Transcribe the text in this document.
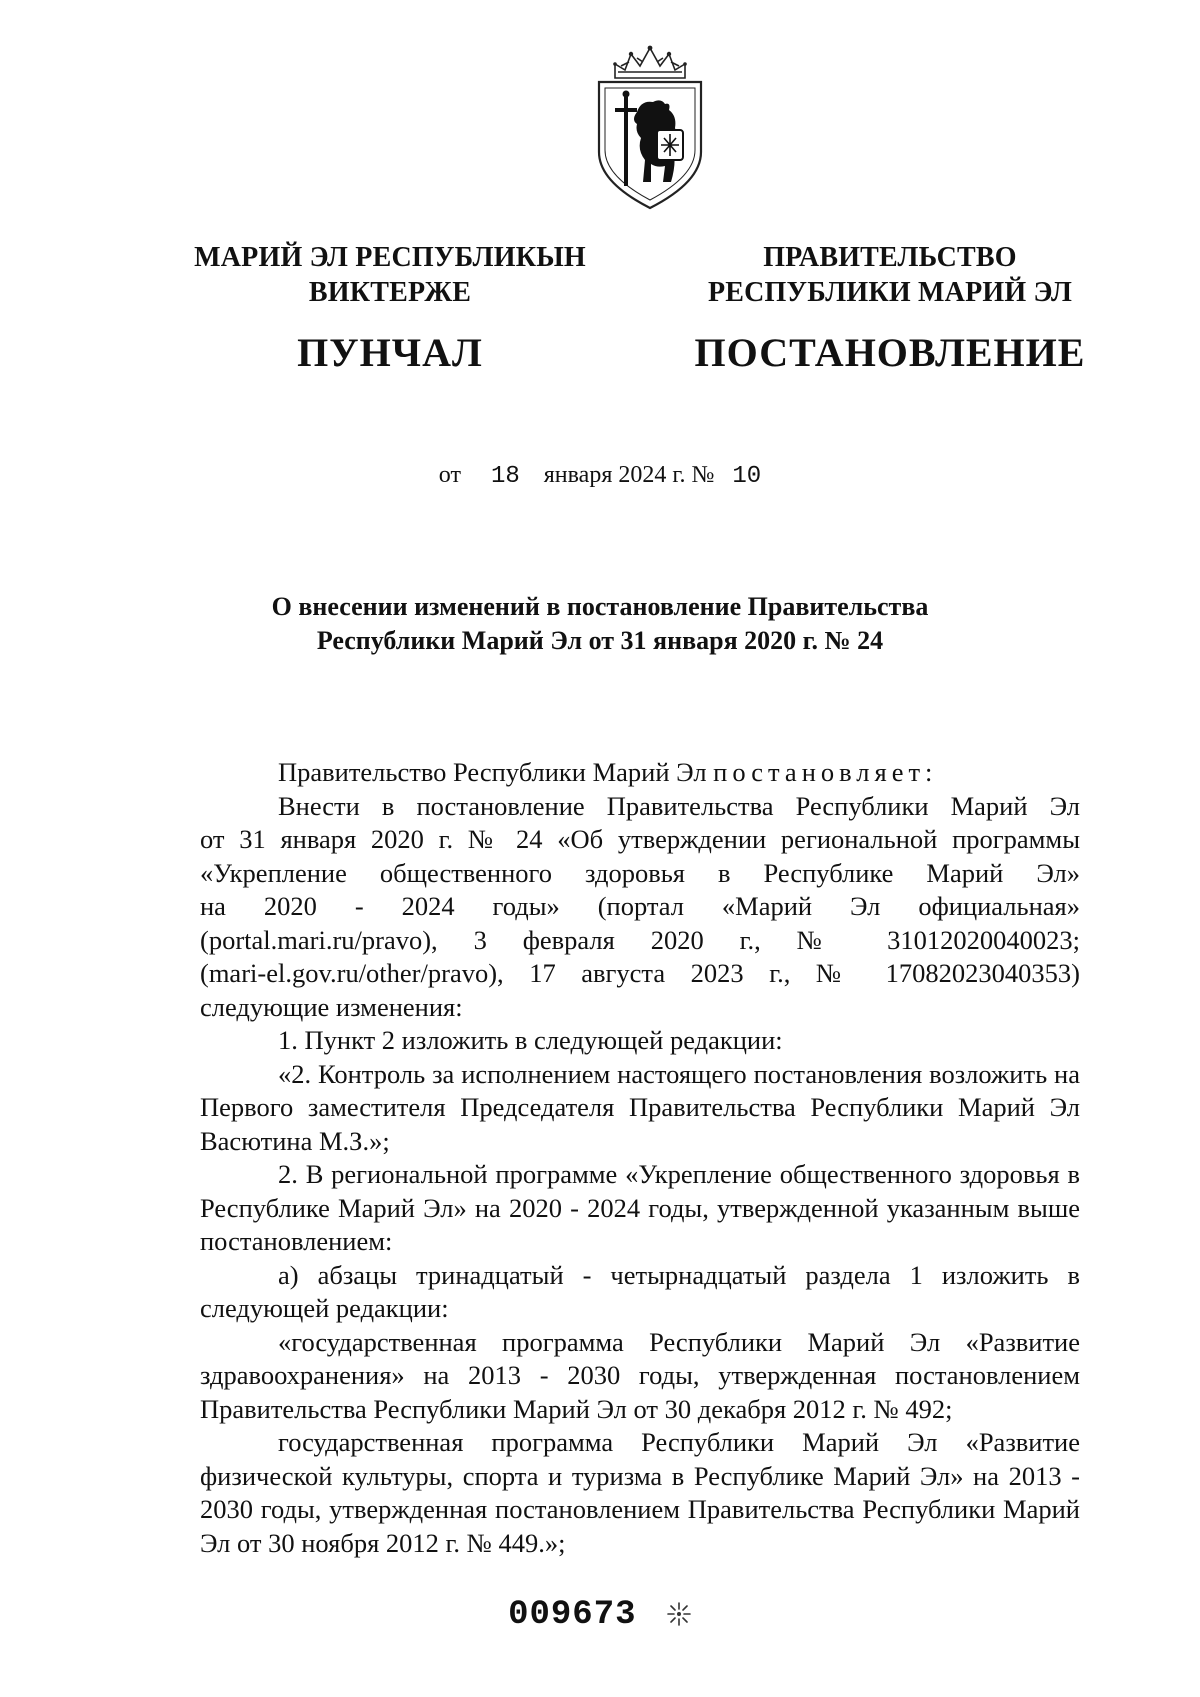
МАРИЙ ЭЛ РЕСПУБЛИКЫН
ВИКТЕРЖЕ
ПУНЧАЛ
ПРАВИТЕЛЬСТВО
РЕСПУБЛИКИ МАРИЙ ЭЛ
ПОСТАНОВЛЕНИЕ
от 18 января 2024 г. № 10
О внесении изменений в постановление Правительства
Республики Марий Эл от 31 января 2020 г. № 24

Правительство Республики Марий Эл постановляет:

Внести в постановление Правительства Республики Марий Эл

от 31 января 2020 г. № 24 «Об утверждении региональной программы

«Укрепление общественного здоровья в Республике Марий Эл»

на 2020 - 2024 годы» (портал «Марий Эл официальная»

(portal.mari.ru/pravo), 3 февраля 2020 г., № 31012020040023;

(mari-el.gov.ru/other/pravo), 17 августа 2023 г., № 17082023040353)

следующие изменения:

1. Пункт 2 изложить в следующей редакции:

«2. Контроль за исполнением настоящего постановления возложить на Первого заместителя Председателя Правительства Республики Марий Эл Васютина М.З.»;

2. В региональной программе «Укрепление общественного здоровья в Республике Марий Эл» на 2020 - 2024 годы, утвержденной указанным выше постановлением:

а) абзацы тринадцатый - четырнадцатый раздела 1 изложить в следующей редакции:

«государственная программа Республики Марий Эл «Развитие здравоохранения» на 2013 - 2030 годы, утвержденная постановлением Правительства Республики Марий Эл от 30 декабря 2012 г. № 492;

государственная программа Республики Марий Эл «Развитие физической культуры, спорта и туризма в Республике Марий Эл» на 2013 - 2030 годы, утвержденная постановлением Правительства Республики Марий Эл от 30 ноября 2012 г. № 449.»;

009673
